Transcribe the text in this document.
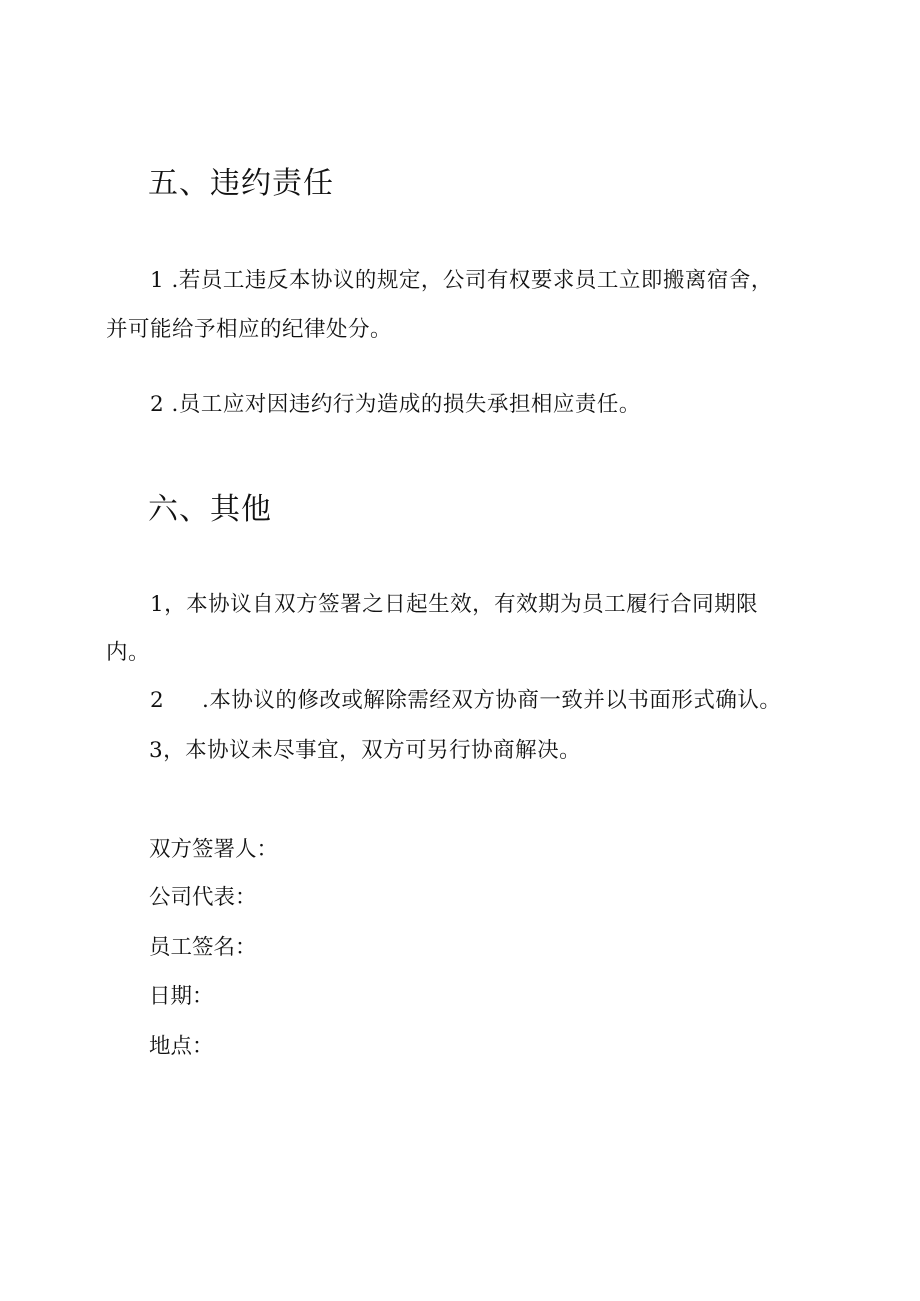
五、违约责任
1 .若员工违反本协议的规定，公司有权要求员工立即搬离宿舍，
并可能给予相应的纪律处分。
2 .员工应对因违约行为造成的损失承担相应责任。
六、其他
1，本协议自双方签署之日起生效，有效期为员工履行合同期限
内。
2 .本协议的修改或解除需经双方协商一致并以书面形式确认。
3，本协议未尽事宜，双方可另行协商解决。
双方签署人：
公司代表：
员工签名：
日期：
地点：
